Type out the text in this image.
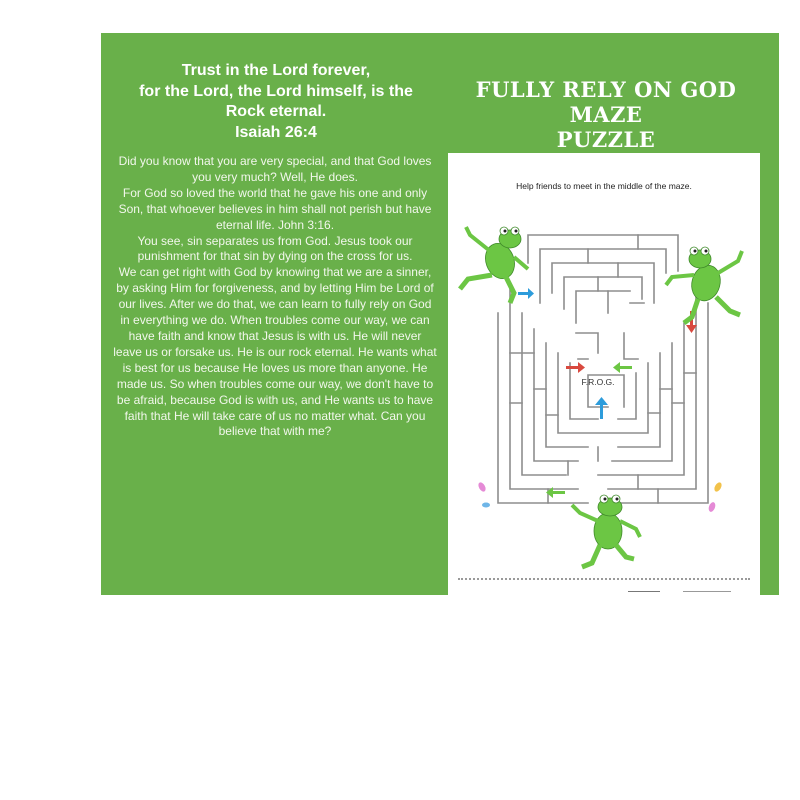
Trust in the Lord forever,
for the Lord, the Lord himself, is the
Rock eternal.
Isaiah 26:4

Did you know that you are very special, and that God loves you very much? Well, He does.

For God so loved the world that he gave his one and only Son, that whoever believes in him shall not perish but have eternal life. John 3:16.

You see, sin separates us from God. Jesus took our punishment for that sin by dying on the cross for us.

We can get right with God by knowing that we are a sinner, by asking Him for forgiveness, and by letting Him be Lord of our lives. After we do that, we can learn to fully rely on God in everything we do. When troubles come our way, we can have faith and know that Jesus is with us. He will never leave us or forsake us. He is our rock eternal. He wants what is best for us because He loves us more than anyone. He made us. So when troubles come our way, we don't have to be afraid, because God is with us, and He wants us to have faith that He will take care of us no matter what. Can you believe that with me?

FULLY RELY ON GOD MAZE
PUZZLE
Help friends to meet in the middle of the maze.
F.R.O.G.
